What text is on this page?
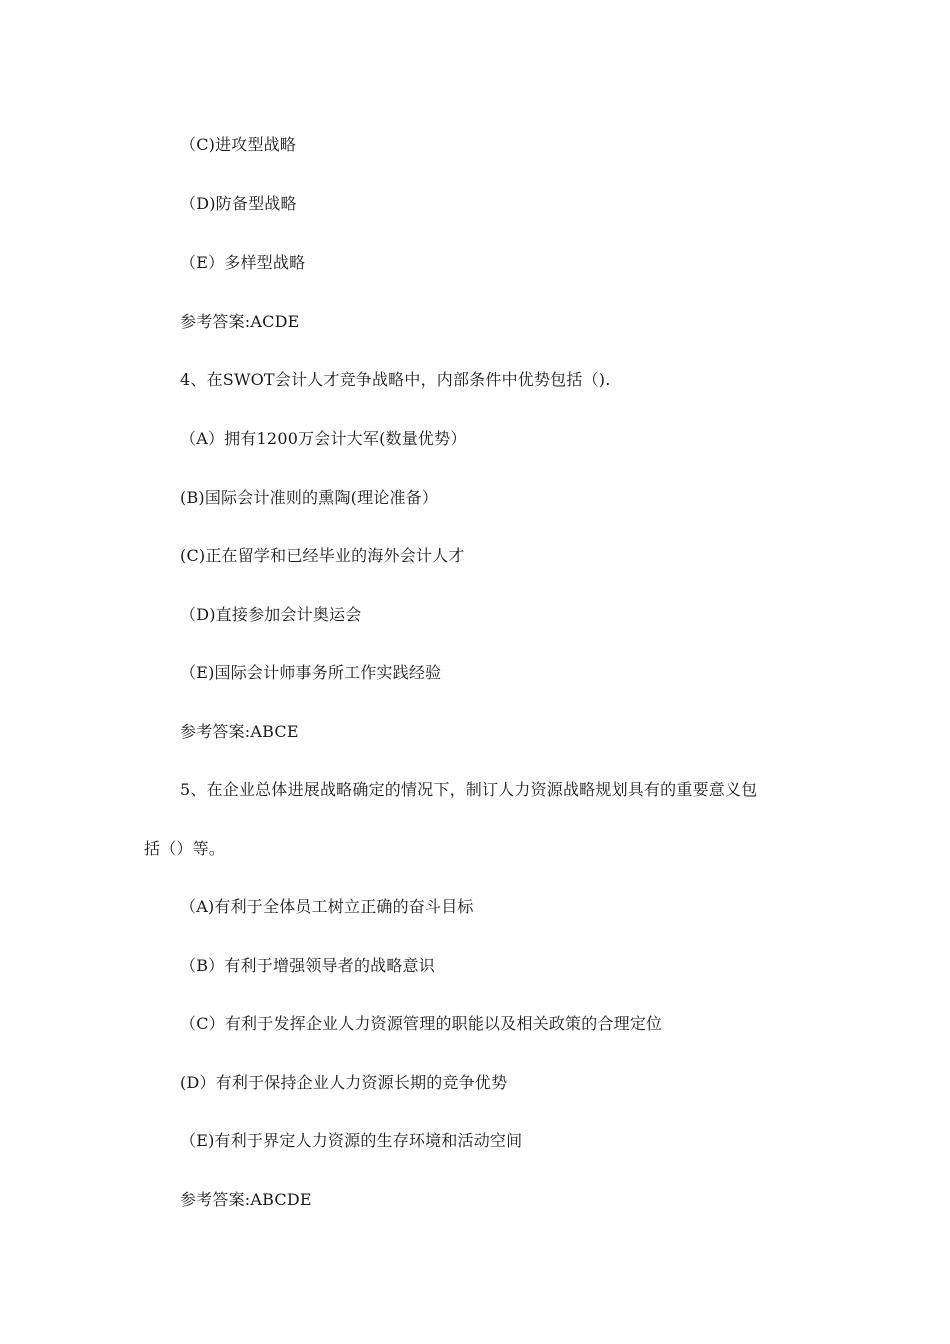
（C)进攻型战略
（D)防备型战略
（E）多样型战略
参考答案:ACDE
4、在SWOT会计人才竞争战略中，内部条件中优势包括（).
（A）拥有1200万会计大军(数量优势）
(B)国际会计准则的熏陶(理论准备）
(C)正在留学和已经毕业的海外会计人才
（D)直接参加会计奥运会
（E)国际会计师事务所工作实践经验
参考答案:ABCE
5、在企业总体进展战略确定的情况下，制订人力资源战略规划具有的重要意义包
括（）等。
（A)有利于全体员工树立正确的奋斗目标
（B）有利于增强领导者的战略意识
（C）有利于发挥企业人力资源管理的职能以及相关政策的合理定位
(D）有利于保持企业人力资源长期的竞争优势
（E)有利于界定人力资源的生存环境和活动空间
参考答案:ABCDE
